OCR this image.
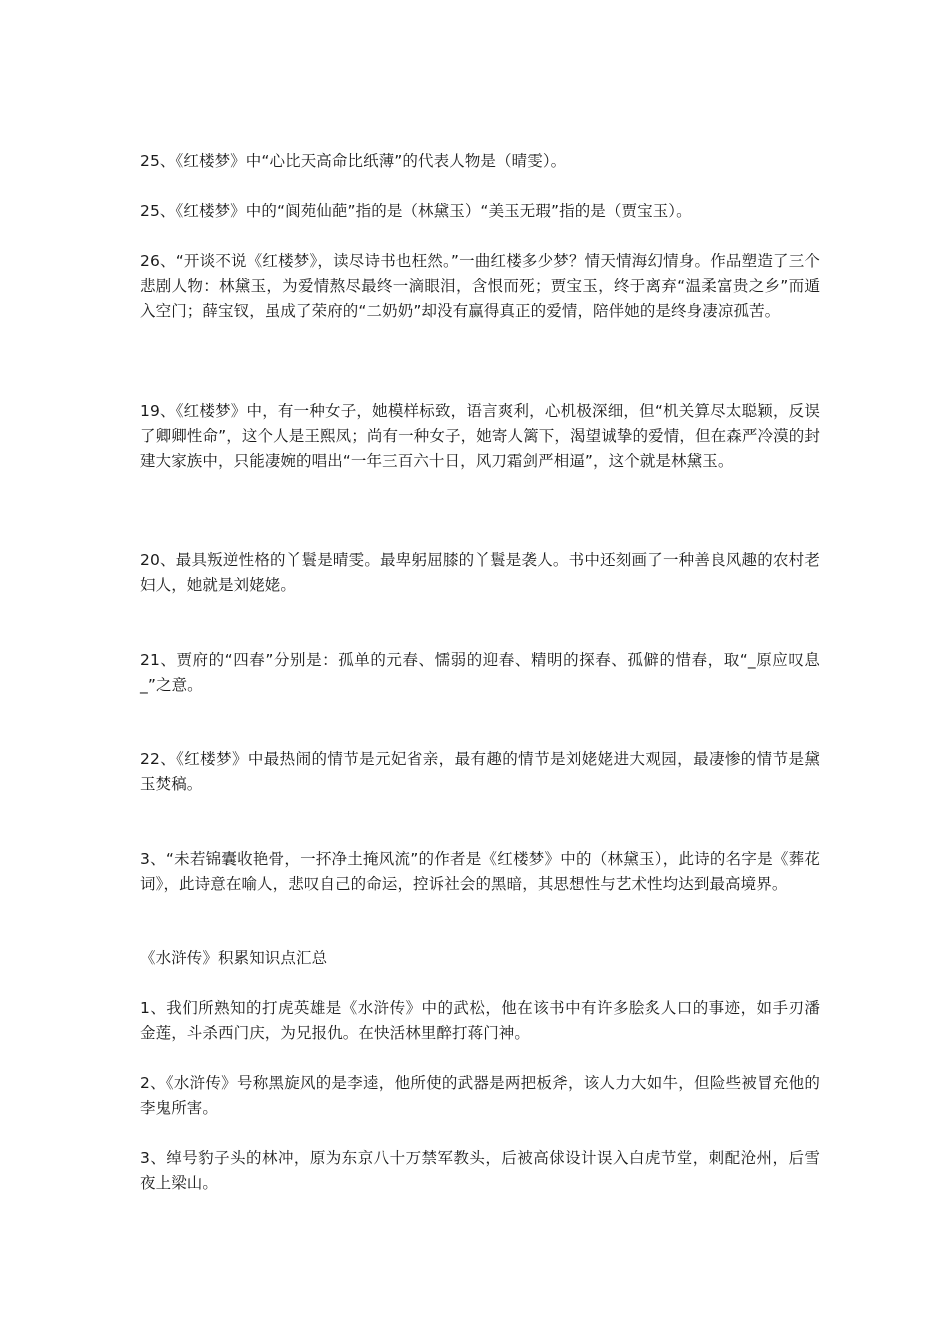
25、《红楼梦》中“心比天高命比纸薄”的代表人物是（晴雯）。

25、《红楼梦》中的“阆苑仙葩”指的是（林黛玉）“美玉无瑕”指的是（贾宝玉）。

26、“开谈不说《红楼梦》，读尽诗书也枉然。”一曲红楼多少梦？情天情海幻情身。作品塑造了三个悲剧人物：林黛玉，为爱情熬尽最终一滴眼泪，含恨而死；贾宝玉，终于离弃“温柔富贵之乡”而遁入空门；薛宝钗，虽成了荣府的“二奶奶”却没有赢得真正的爱情，陪伴她的是终身凄凉孤苦。

19、《红楼梦》中，有一种女子，她模样标致，语言爽利，心机极深细，但“机关算尽太聪颖，反误了卿卿性命”，这个人是王熙凤；尚有一种女子，她寄人篱下，渴望诚挚的爱情，但在森严冷漠的封建大家族中，只能凄婉的唱出“一年三百六十日，风刀霜剑严相逼”，这个就是林黛玉。

20、最具叛逆性格的丫鬟是晴雯。最卑躬屈膝的丫鬟是袭人。书中还刻画了一种善良风趣的农村老妇人，她就是刘姥姥。

21、贾府的“四春”分别是：孤单的元春、懦弱的迎春、精明的探春、孤僻的惜春，取“_原应叹息_”之意。

22、《红楼梦》中最热闹的情节是元妃省亲，最有趣的情节是刘姥姥进大观园，最凄惨的情节是黛玉焚稿。

3、“未若锦囊收艳骨，一抔净土掩风流”的作者是《红楼梦》中的（林黛玉），此诗的名字是《葬花词》，此诗意在喻人，悲叹自己的命运，控诉社会的黑暗，其思想性与艺术性均达到最高境界。

《水浒传》积累知识点汇总

1、我们所熟知的打虎英雄是《水浒传》中的武松，他在该书中有许多脍炙人口的事迹，如手刃潘金莲，斗杀西门庆，为兄报仇。在快活林里醉打蒋门神。

2、《水浒传》号称黑旋风的是李逵，他所使的武器是两把板斧，该人力大如牛，但险些被冒充他的李鬼所害。

3、绰号豹子头的林冲，原为东京八十万禁军教头，后被高俅设计误入白虎节堂，刺配沧州，后雪夜上梁山。
